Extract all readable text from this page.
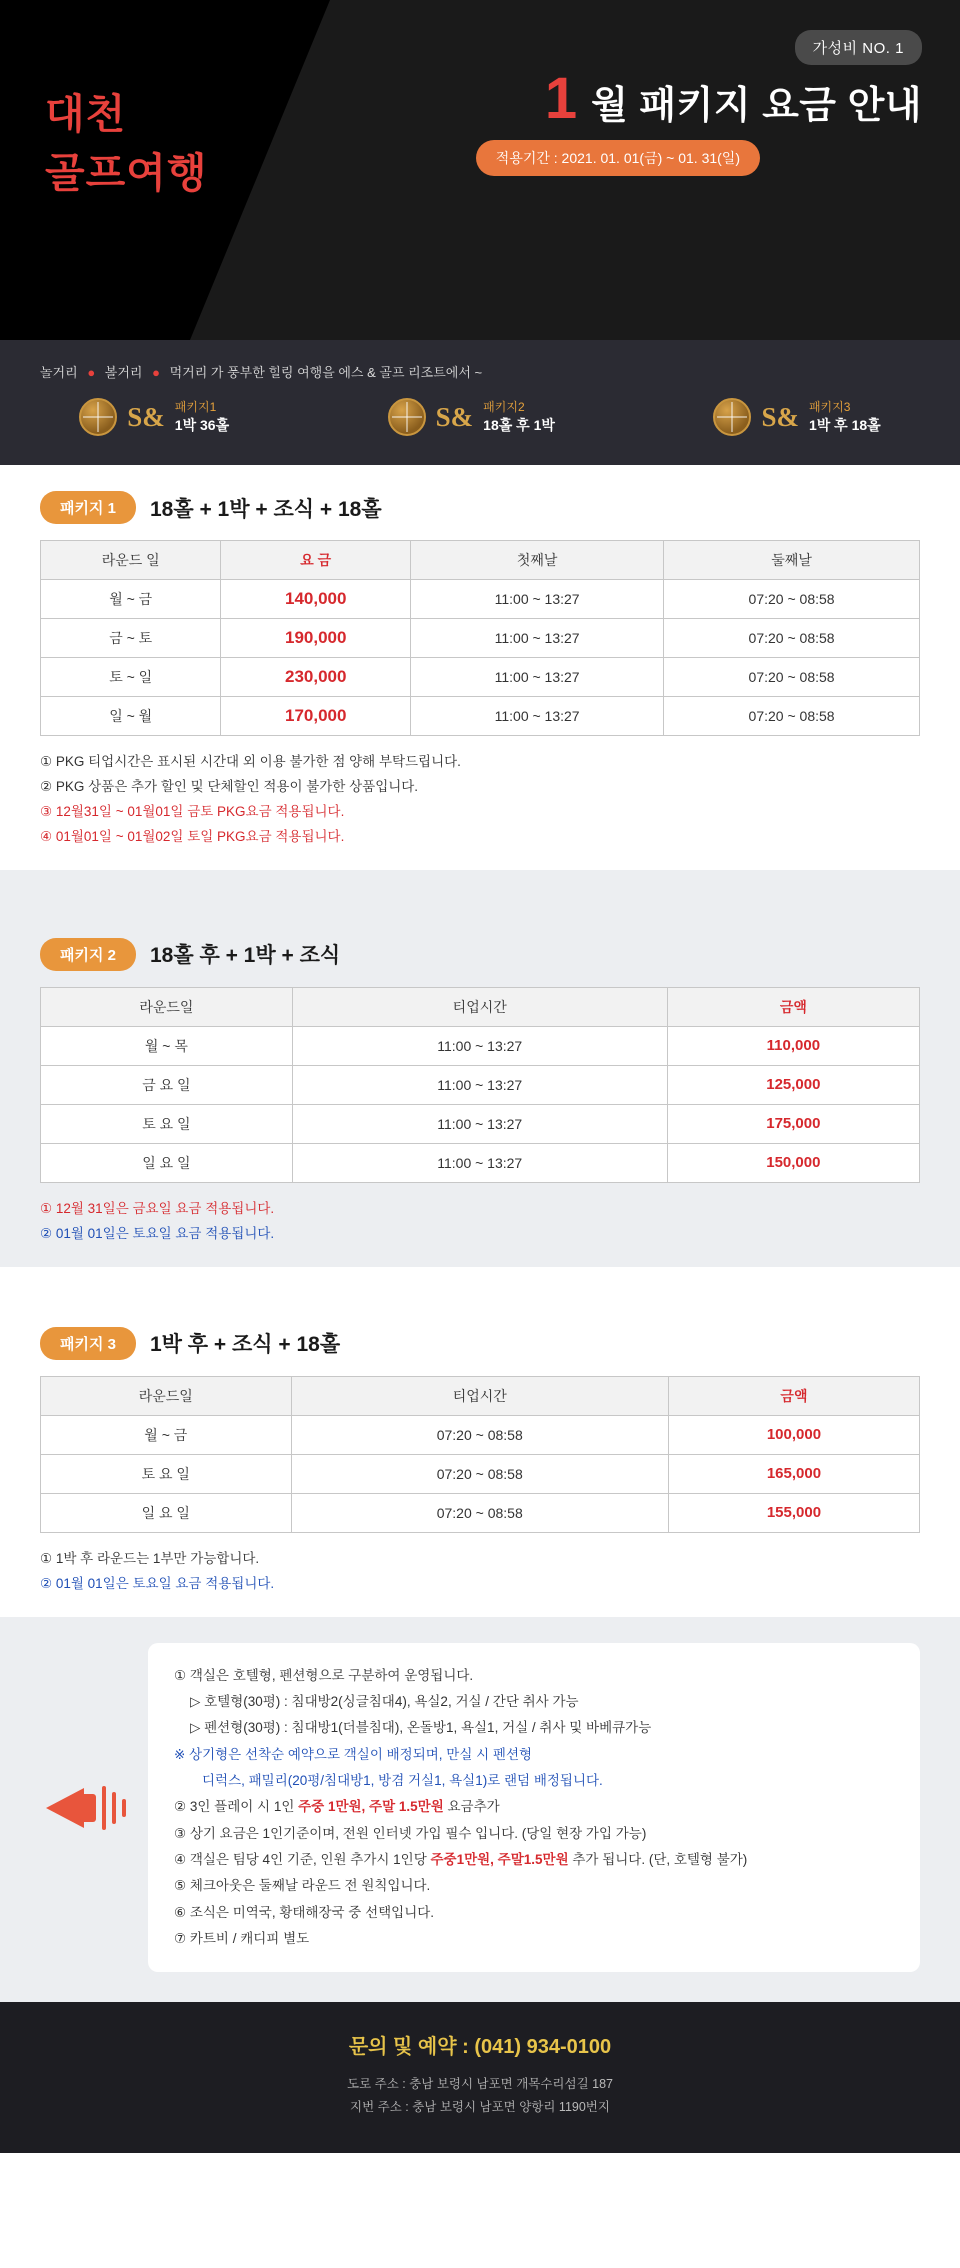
대천
골프여행
가성비 NO. 1
1 월 패키지 요금 안내
적용기간 : 2021. 01. 01(금) ~ 01. 31(일)
놀거리 ● 볼거리 ● 먹거리 가 풍부한 힐링 여행을 에스 & 골프 리조트에서 ~
S& 패키지1
1박 36홀	S& 패키지2
18홀 후 1박	S& 패키지3
1박 후 18홀
패키지 1	18홀 + 1박 + 조식 + 18홀
라운드 일	요 금	첫째날	둘째날
월 ~ 금	140,000	11:00 ~ 13:27	07:20 ~ 08:58
금 ~ 토	190,000	11:00 ~ 13:27	07:20 ~ 08:58
토 ~ 일	230,000	11:00 ~ 13:27	07:20 ~ 08:58
일 ~ 월	170,000	11:00 ~ 13:27	07:20 ~ 08:58
① PKG 티업시간은 표시된 시간대 외 이용 불가한 점 양해 부탁드립니다.
② PKG 상품은 추가 할인 및 단체할인 적용이 불가한 상품입니다.
③ 12월31일 ~ 01월01일 금토 PKG요금 적용됩니다.
④ 01월01일 ~ 01월02일 토일 PKG요금 적용됩니다.
패키지 2	18홀 후 + 1박 + 조식
라운드일	티업시간	금액
월 ~ 목	11:00 ~ 13:27	110,000
금 요 일	11:00 ~ 13:27	125,000
토 요 일	11:00 ~ 13:27	175,000
일 요 일	11:00 ~ 13:27	150,000
① 12월 31일은 금요일 요금 적용됩니다.
② 01월 01일은 토요일 요금 적용됩니다.
패키지 3	1박 후 + 조식 + 18홀
라운드일	티업시간	금액
월 ~ 금	07:20 ~ 08:58	100,000
토 요 일	07:20 ~ 08:58	165,000
일 요 일	07:20 ~ 08:58	155,000
① 1박 후 라운드는 1부만 가능합니다.
② 01월 01일은 토요일 요금 적용됩니다.
① 객실은 호텔형, 펜션형으로 구분하여 운영됩니다.
▷ 호텔형(30평) : 침대방2(싱글침대4), 욕실2, 거실 / 간단 취사 가능
▷ 펜션형(30평) : 침대방1(더블침대), 온돌방1, 욕실1, 거실 / 취사 및 바베큐가능
※ 상기형은 선착순 예약으로 객실이 배정되며, 만실 시 펜션형
디럭스, 패밀리(20평/침대방1, 방겸 거실1, 욕실1)로 랜덤 배정됩니다.
② 3인 플레이 시 1인 주중 1만원, 주말 1.5만원 요금추가
③ 상기 요금은 1인기준이며, 전원 인터넷 가입 필수 입니다. (당일 현장 가입 가능)
④ 객실은 팀당 4인 기준, 인원 추가시 1인당 주중1만원, 주말1.5만원 추가 됩니다. (단, 호텔형 불가)
⑤ 체크아웃은 둘째날 라운드 전 원칙입니다.
⑥ 조식은 미역국, 황태해장국 중 선택입니다.
⑦ 카트비 / 캐디피 별도
문의 및 예약 : (041) 934-0100
도로 주소 : 충남 보령시 남포면 개목수리섬길 187
지번 주소 : 충남 보령시 남포면 양항리 1190번지
